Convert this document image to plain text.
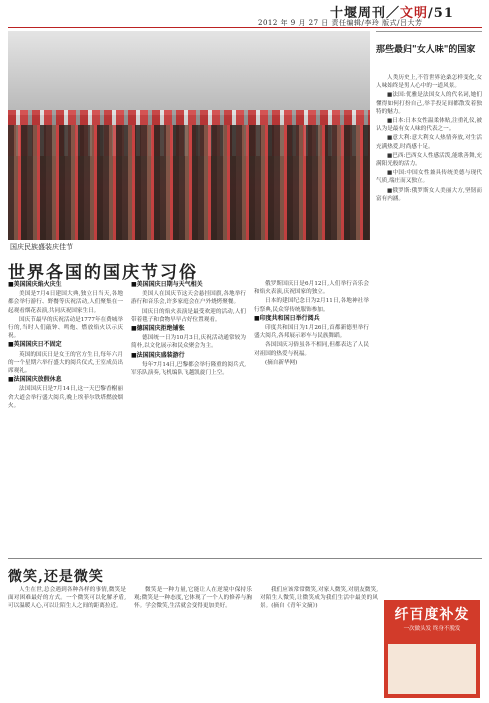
十堰周刊／文明/51
2012 年 9 月 27 日 责任编辑/李玲 版式/吕大芳
国庆民族盛装庆佳节
世界各国的国庆节习俗

■美国国庆焰火庆生

美国是7月4日建国大典,独立日当天,各地都会举行游行、野餐等庆祝活动,人们聚集在一起观看烟花表演,共同庆祝国家生日。

国庆节最早的庆祝活动是1777年在费城举行的,当时人们敲钟、鸣炮、燃放焰火以示庆祝。

■英国国庆日不固定

英国的国庆日是女王的官方生日,每年六月的一个星期六举行盛大的阅兵仪式,王室成员出席观礼。

■法国国庆放假休息

法国国庆日是7月14日,这一天巴黎香榭丽舍大道会举行盛大阅兵,晚上埃菲尔铁塔燃放烟火。

■美国国庆日期与天气相关

美国人在国庆节这天会悬挂国旗,各地举行游行和音乐会,许多家庭会在户外烧烤聚餐。

国庆日的焰火表演是最受欢迎的活动,人们带着毯子和食物早早占好位置观看。

■德国国庆拒绝铺张

德国统一日为10月3日,庆祝活动通常较为简朴,以文化展示和民众聚会为主。

■法国国庆盛装游行

每年7月14日,巴黎都会举行隆重的阅兵式,军乐队演奏,飞机编队飞越凯旋门上空。

俄罗斯国庆日是6月12日,人们举行音乐会和焰火表演,庆祝国家的独立。

日本的建国纪念日为2月11日,各地神社举行祭典,民众穿传统服饰参加。

■印度共和国日举行阅兵

印度共和国日为1月26日,首都新德里举行盛大阅兵,各邦展示彩车与民族舞蹈。

各国国庆习俗虽各不相同,但都表达了人民对祖国的热爱与祝福。

(摘自新华网)

那些最归"女人味"的国家

人类历史上,不管世界沧桑怎样变化,女人味始终是男人心中的一道风景。

■法国:优雅是法国女人的代名词,她们懂得如何打扮自己,举手投足间都散发着独特的魅力。

■日本:日本女性温柔体贴,注重礼仪,被认为是最有女人味的代表之一。

■意大利:意大利女人热情奔放,对生活充满热爱,时尚感十足。

■巴西:巴西女人性感活泼,能歌善舞,充满阳光般的活力。

■中国:中国女性兼具传统美德与现代气质,端庄而又独立。

■俄罗斯:俄罗斯女人美丽大方,坚韧而富有内涵。

微笑,还是微笑

人生在世,总会遇到各种各样的事情,微笑是面对困难最好的方式。一个微笑可以化解矛盾,可以温暖人心,可以让陌生人之间的距离拉近。

微笑是一种力量,它能让人在逆境中保持乐观;微笑是一种态度,它体现了一个人的修养与胸怀。学会微笑,生活就会变得更加美好。

我们应该常常微笑,对家人微笑,对朋友微笑,对陌生人微笑,让微笑成为我们生活中最美的风景。(摘自《青年文摘》)

纤百度补发
一次做头发 终身不脱发
